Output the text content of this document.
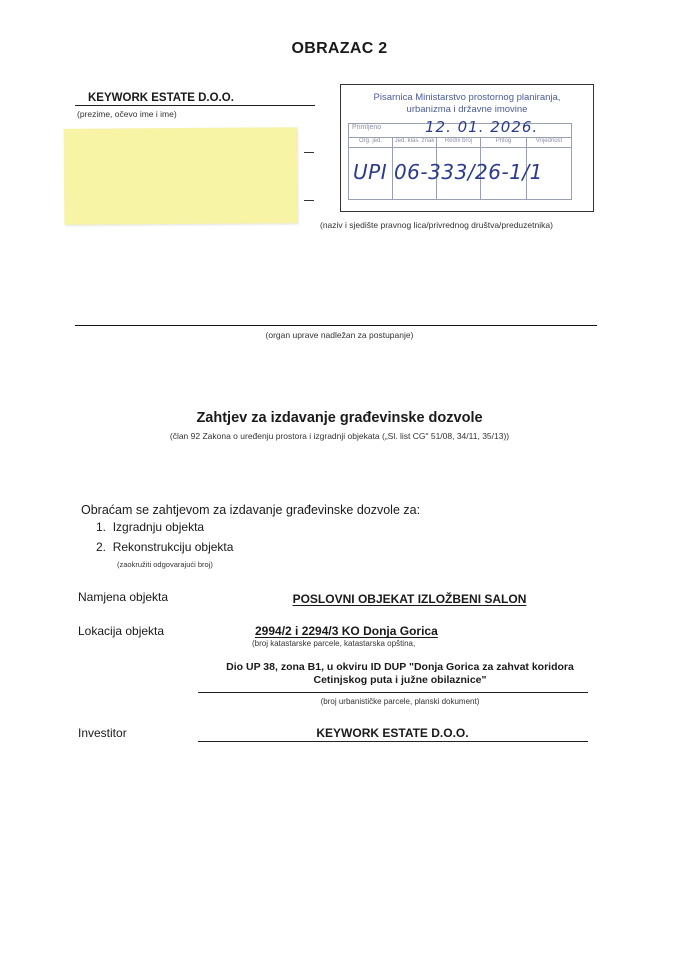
OBRAZAC 2
KEYWORK ESTATE D.O.O.
(prezime, očevo ime i ime)
Pisarnica Ministarstvo prostornog planiranja,
urbanizma i državne imovine
Primljeno	12. 01. 2026.
Org. jed.	Jed. klas. znak	Redni broj	Prilog	Vrijednost
UPI 06-333/26-1/1
(naziv i sjedište pravnog lica/privrednog društva/preduzetnika)
(organ uprave nadležan za postupanje)
Zahtjev za izdavanje građevinske dozvole
(član 92 Zakona o uređenju prostora i izgradnji objekata („Sl. list CG" 51/08, 34/11, 35/13))
Obraćam se zahtjevom za izdavanje građevinske dozvole za:
1. Izgradnju objekta
2. Rekonstrukciju objekta
(zaokružiti odgovarajući broj)
Namjena objekta	POSLOVNI OBJEKAT IZLOŽBENI SALON
Lokacija objekta	2994/2 i 2294/3 KO Donja Gorica
(broj katastarske parcele, katastarska opština,
Dio UP 38, zona B1, u okviru ID DUP "Donja Gorica za zahvat koridora
Cetinjskog puta i južne obilaznice"
(broj urbanističke parcele, planski dokument)
Investitor	KEYWORK ESTATE D.O.O.
